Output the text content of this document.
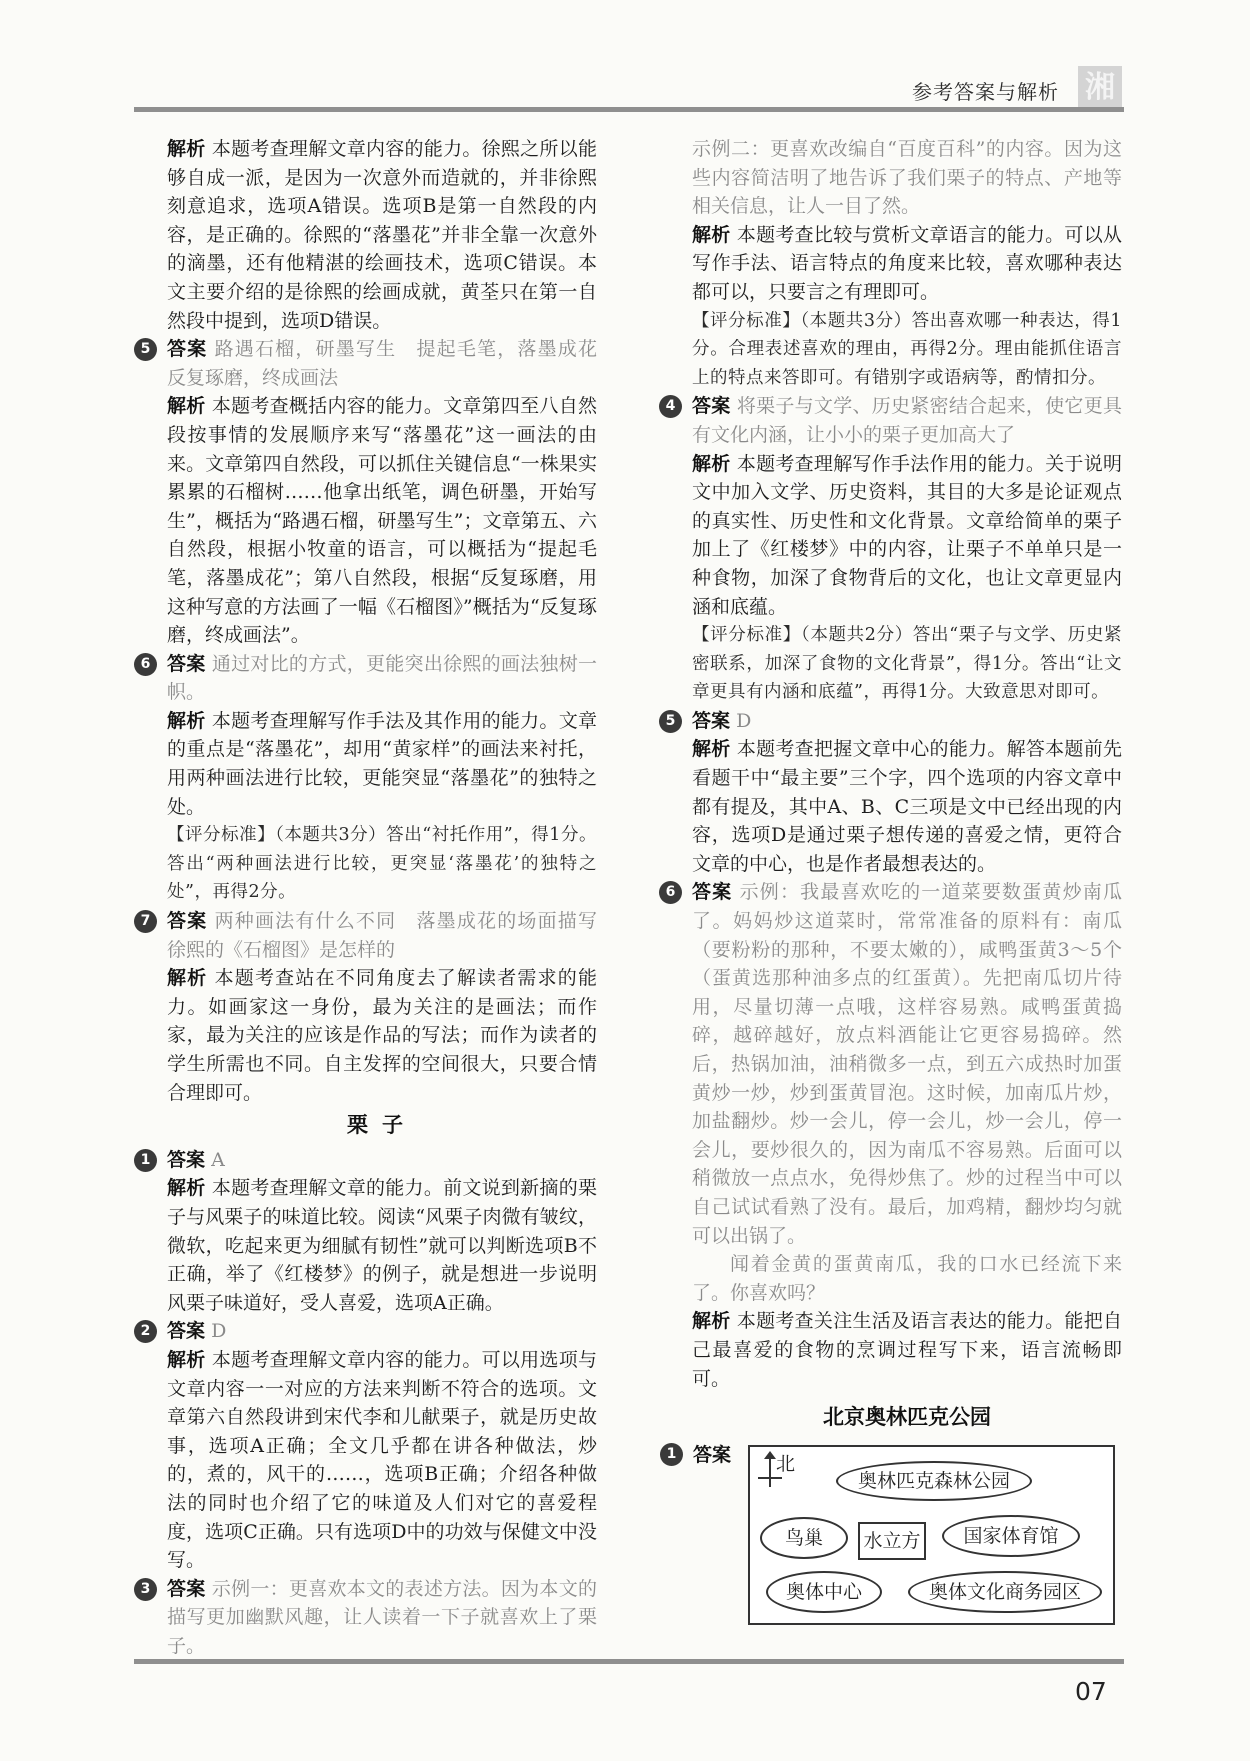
参考答案与解析 湘
解析 本题考查理解文章内容的能力。徐熙之所以能够自成一派，是因为一次意外而造就的，并非徐熙刻意追求，选项A错误。选项B是第一自然段的内容，是正确的。徐熙的“落墨花”并非全靠一次意外的滴墨，还有他精湛的绘画技术，选项C错误。本文主要介绍的是徐熙的绘画成就，黄荃只在第一自然段中提到，选项D错误。
5 答案 路遇石榴，研墨写生　提起毛笔，落墨成花　反复琢磨，终成画法
解析 本题考查概括内容的能力。文章第四至八自然段按事情的发展顺序来写“落墨花”这一画法的由来。文章第四自然段，可以抓住关键信息“一株果实累累的石榴树……他拿出纸笔，调色研墨，开始写生”，概括为“路遇石榴，研墨写生”；文章第五、六自然段，根据小牧童的语言，可以概括为“提起毛笔，落墨成花”；第八自然段，根据“反复琢磨，用这种写意的方法画了一幅《石榴图》”概括为“反复琢磨，终成画法”。
6 答案 通过对比的方式，更能突出徐熙的画法独树一帜。
解析 本题考查理解写作手法及其作用的能力。文章的重点是“落墨花”，却用“黄家样”的画法来衬托，用两种画法进行比较，更能突显“落墨花”的独特之处。
【评分标准】（本题共3分）答出“衬托作用”，得1分。答出“两种画法进行比较，更突显‘落墨花’的独特之处”，再得2分。
7 答案 两种画法有什么不同　落墨成花的场面描写　徐熙的《石榴图》是怎样的
解析 本题考查站在不同角度去了解读者需求的能力。如画家这一身份，最为关注的是画法；而作家，最为关注的应该是作品的写法；而作为读者的学生所需也不同。自主发挥的空间很大，只要合情合理即可。
栗子
1 答案 A
解析 本题考查理解文章的能力。前文说到新摘的栗子与风栗子的味道比较。阅读“风栗子肉微有皱纹，微软，吃起来更为细腻有韧性”就可以判断选项B不正确，举了《红楼梦》的例子，就是想进一步说明风栗子味道好，受人喜爱，选项A正确。
2 答案 D
解析 本题考查理解文章内容的能力。可以用选项与文章内容一一对应的方法来判断不符合的选项。文章第六自然段讲到宋代李和儿献栗子，就是历史故事，选项A正确；全文几乎都在讲各种做法，炒的，煮的，风干的……，选项B正确；介绍各种做法的同时也介绍了它的味道及人们对它的喜爱程度，选项C正确。只有选项D中的功效与保健文中没写。
3 答案 示例一：更喜欢本文的表述方法。因为本文的描写更加幽默风趣，让人读着一下子就喜欢上了栗子。
示例二：更喜欢改编自“百度百科”的内容。因为这些内容简洁明了地告诉了我们栗子的特点、产地等相关信息，让人一目了然。
解析 本题考查比较与赏析文章语言的能力。可以从写作手法、语言特点的角度来比较，喜欢哪种表达都可以，只要言之有理即可。
【评分标准】（本题共3分）答出喜欢哪一种表达，得1分。合理表述喜欢的理由，再得2分。理由能抓住语言上的特点来答即可。有错别字或语病等，酌情扣分。
4 答案 将栗子与文学、历史紧密结合起来，使它更具有文化内涵，让小小的栗子更加高大了
解析 本题考查理解写作手法作用的能力。关于说明文中加入文学、历史资料，其目的大多是论证观点的真实性、历史性和文化背景。文章给简单的栗子加上了《红楼梦》中的内容，让栗子不单单只是一种食物，加深了食物背后的文化，也让文章更显内涵和底蕴。
【评分标准】（本题共2分）答出“栗子与文学、历史紧密联系，加深了食物的文化背景”，得1分。答出“让文章更具有内涵和底蕴”，再得1分。大致意思对即可。
5 答案 D
解析 本题考查把握文章中心的能力。解答本题前先看题干中“最主要”三个字，四个选项的内容文章中都有提及，其中A、B、C三项是文中已经出现的内容，选项D是通过栗子想传递的喜爱之情，更符合文章的中心，也是作者最想表达的。
6 答案 示例：我最喜欢吃的一道菜要数蛋黄炒南瓜了。妈妈炒这道菜时，常常准备的原料有：南瓜（要粉粉的那种，不要太嫩的），咸鸭蛋黄3～5个（蛋黄选那种油多点的红蛋黄）。先把南瓜切片待用，尽量切薄一点哦，这样容易熟。咸鸭蛋黄捣碎，越碎越好，放点料酒能让它更容易捣碎。然后，热锅加油，油稍微多一点，到五六成热时加蛋黄炒一炒，炒到蛋黄冒泡。这时候，加南瓜片炒，加盐翻炒。炒一会儿，停一会儿，炒一会儿，停一会儿，要炒很久的，因为南瓜不容易熟。后面可以稍微放一点点水，免得炒焦了。炒的过程当中可以自己试试看熟了没有。最后，加鸡精，翻炒均匀就可以出锅了。
闻着金黄的蛋黄南瓜，我的口水已经流下来了。你喜欢吗？
解析 本题考查关注生活及语言表达的能力。能把自己最喜爱的食物的烹调过程写下来，语言流畅即可。
北京奥林匹克公园
1 答案 北
奥林匹克森林公园
鸟巢	水立方	国家体育馆
奥体中心	奥体文化商务园区
07
